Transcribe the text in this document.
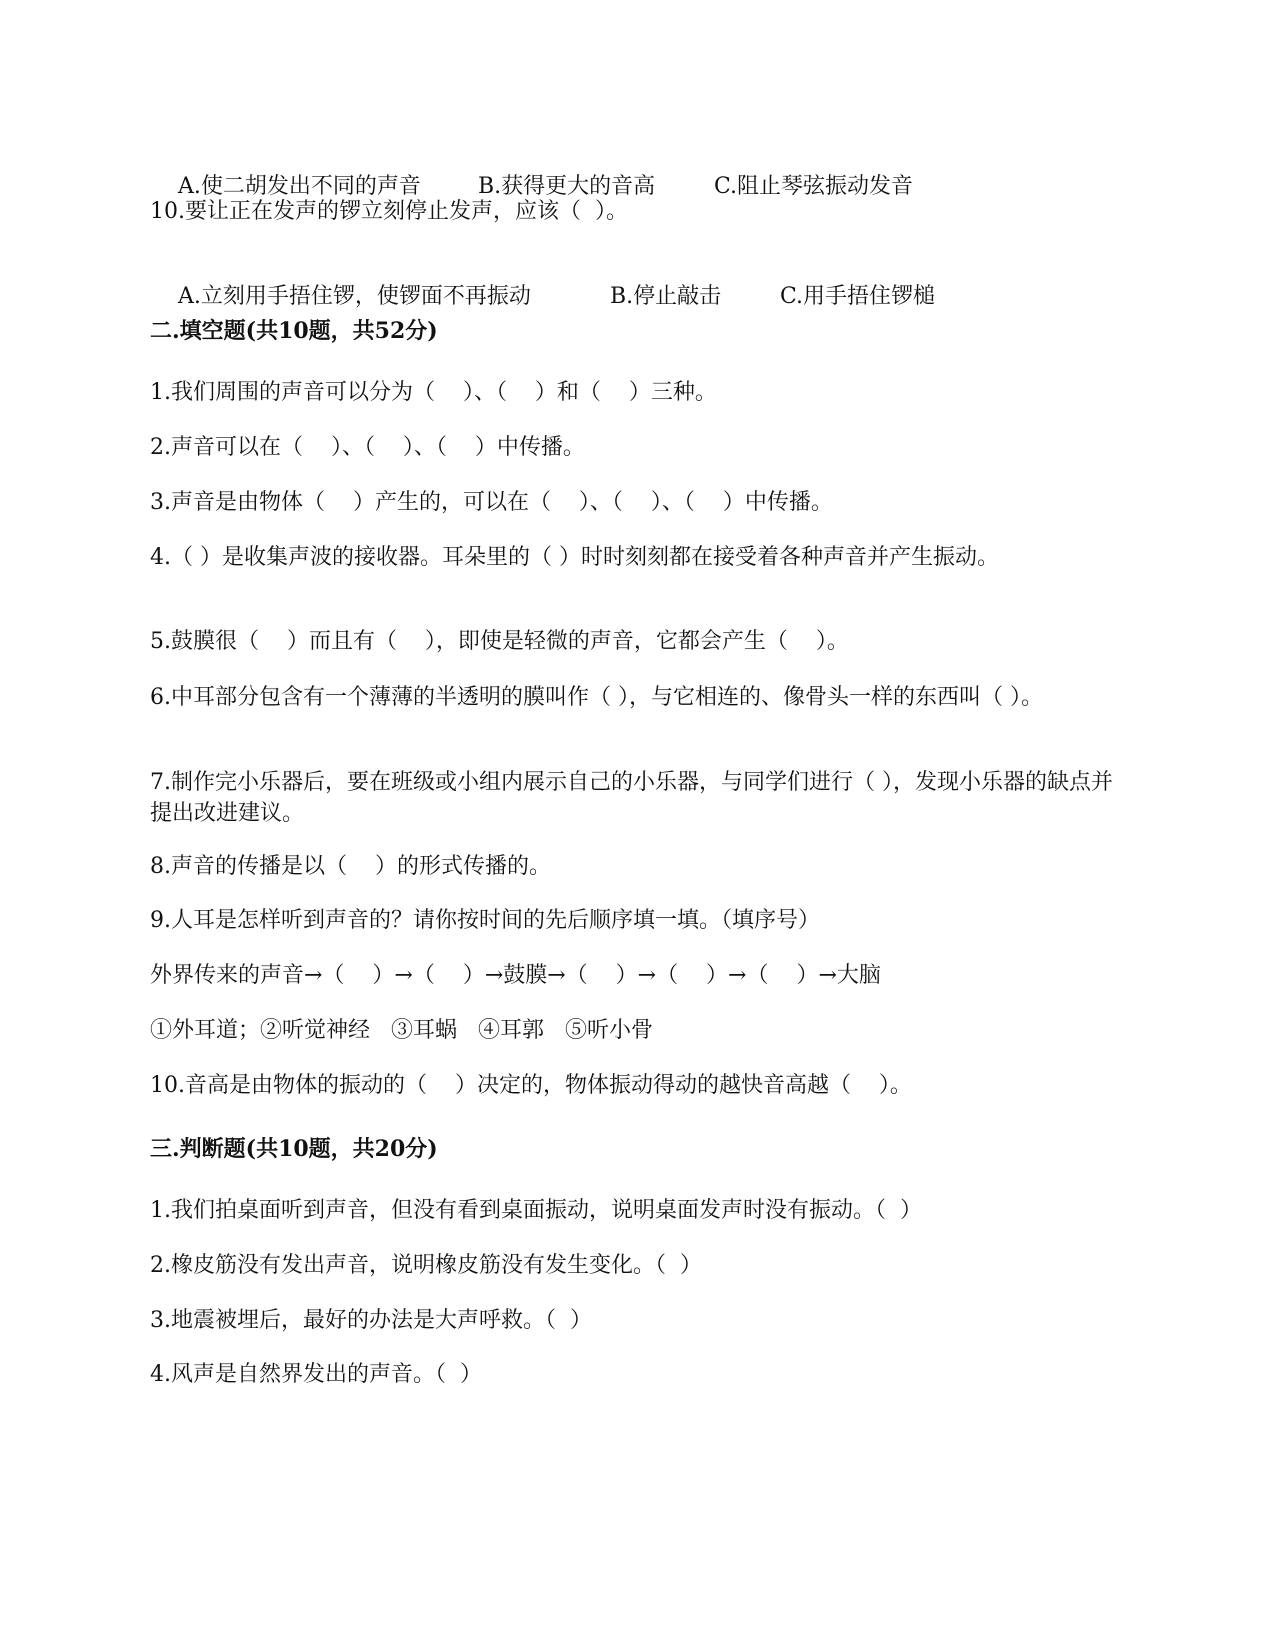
A.使二胡发出不同的声音	B.获得更大的音高	C.阻止琴弦振动发音

10.要让正在发声的锣立刻停止发声，应该（  ）。

A.立刻用手捂住锣，使锣面不再振动	B.停止敲击	C.用手捂住锣槌

二.填空题(共10题，共52分)
1.我们周围的声音可以分为（    ）、（    ）和（    ）三种。
2.声音可以在（    ）、（    ）、（    ）中传播。
3.声音是由物体（    ）产生的，可以在（    ）、（    ）、（    ）中传播。
4.（ ）是收集声波的接收器。耳朵里的（ ）时时刻刻都在接受着各种声音并产生振动。
5.鼓膜很（    ）而且有（    ），即使是轻微的声音，它都会产生（    ）。
6.中耳部分包含有一个薄薄的半透明的膜叫作（ ），与它相连的、像骨头一样的东西叫（ ）。
7.制作完小乐器后，要在班级或小组内展示自己的小乐器，与同学们进行（ ），发现小乐器的缺点并提出改进建议。
8.声音的传播是以（    ）的形式传播的。
9.人耳是怎样听到声音的？请你按时间的先后顺序填一填。（填序号）
外界传来的声音→（    ）→（    ）→鼓膜→（    ）→（    ）→（    ）→大脑
①外耳道；②听觉神经   ③耳蜗   ④耳郭   ⑤听小骨
10.音高是由物体的振动的（    ）决定的，物体振动得动的越快音高越（    ）。
三.判断题(共10题，共20分)
1.我们拍桌面听到声音，但没有看到桌面振动，说明桌面发声时没有振动。（  ）
2.橡皮筋没有发出声音，说明橡皮筋没有发生变化。（  ）
3.地震被埋后，最好的办法是大声呼救。（  ）
4.风声是自然界发出的声音。（  ）
